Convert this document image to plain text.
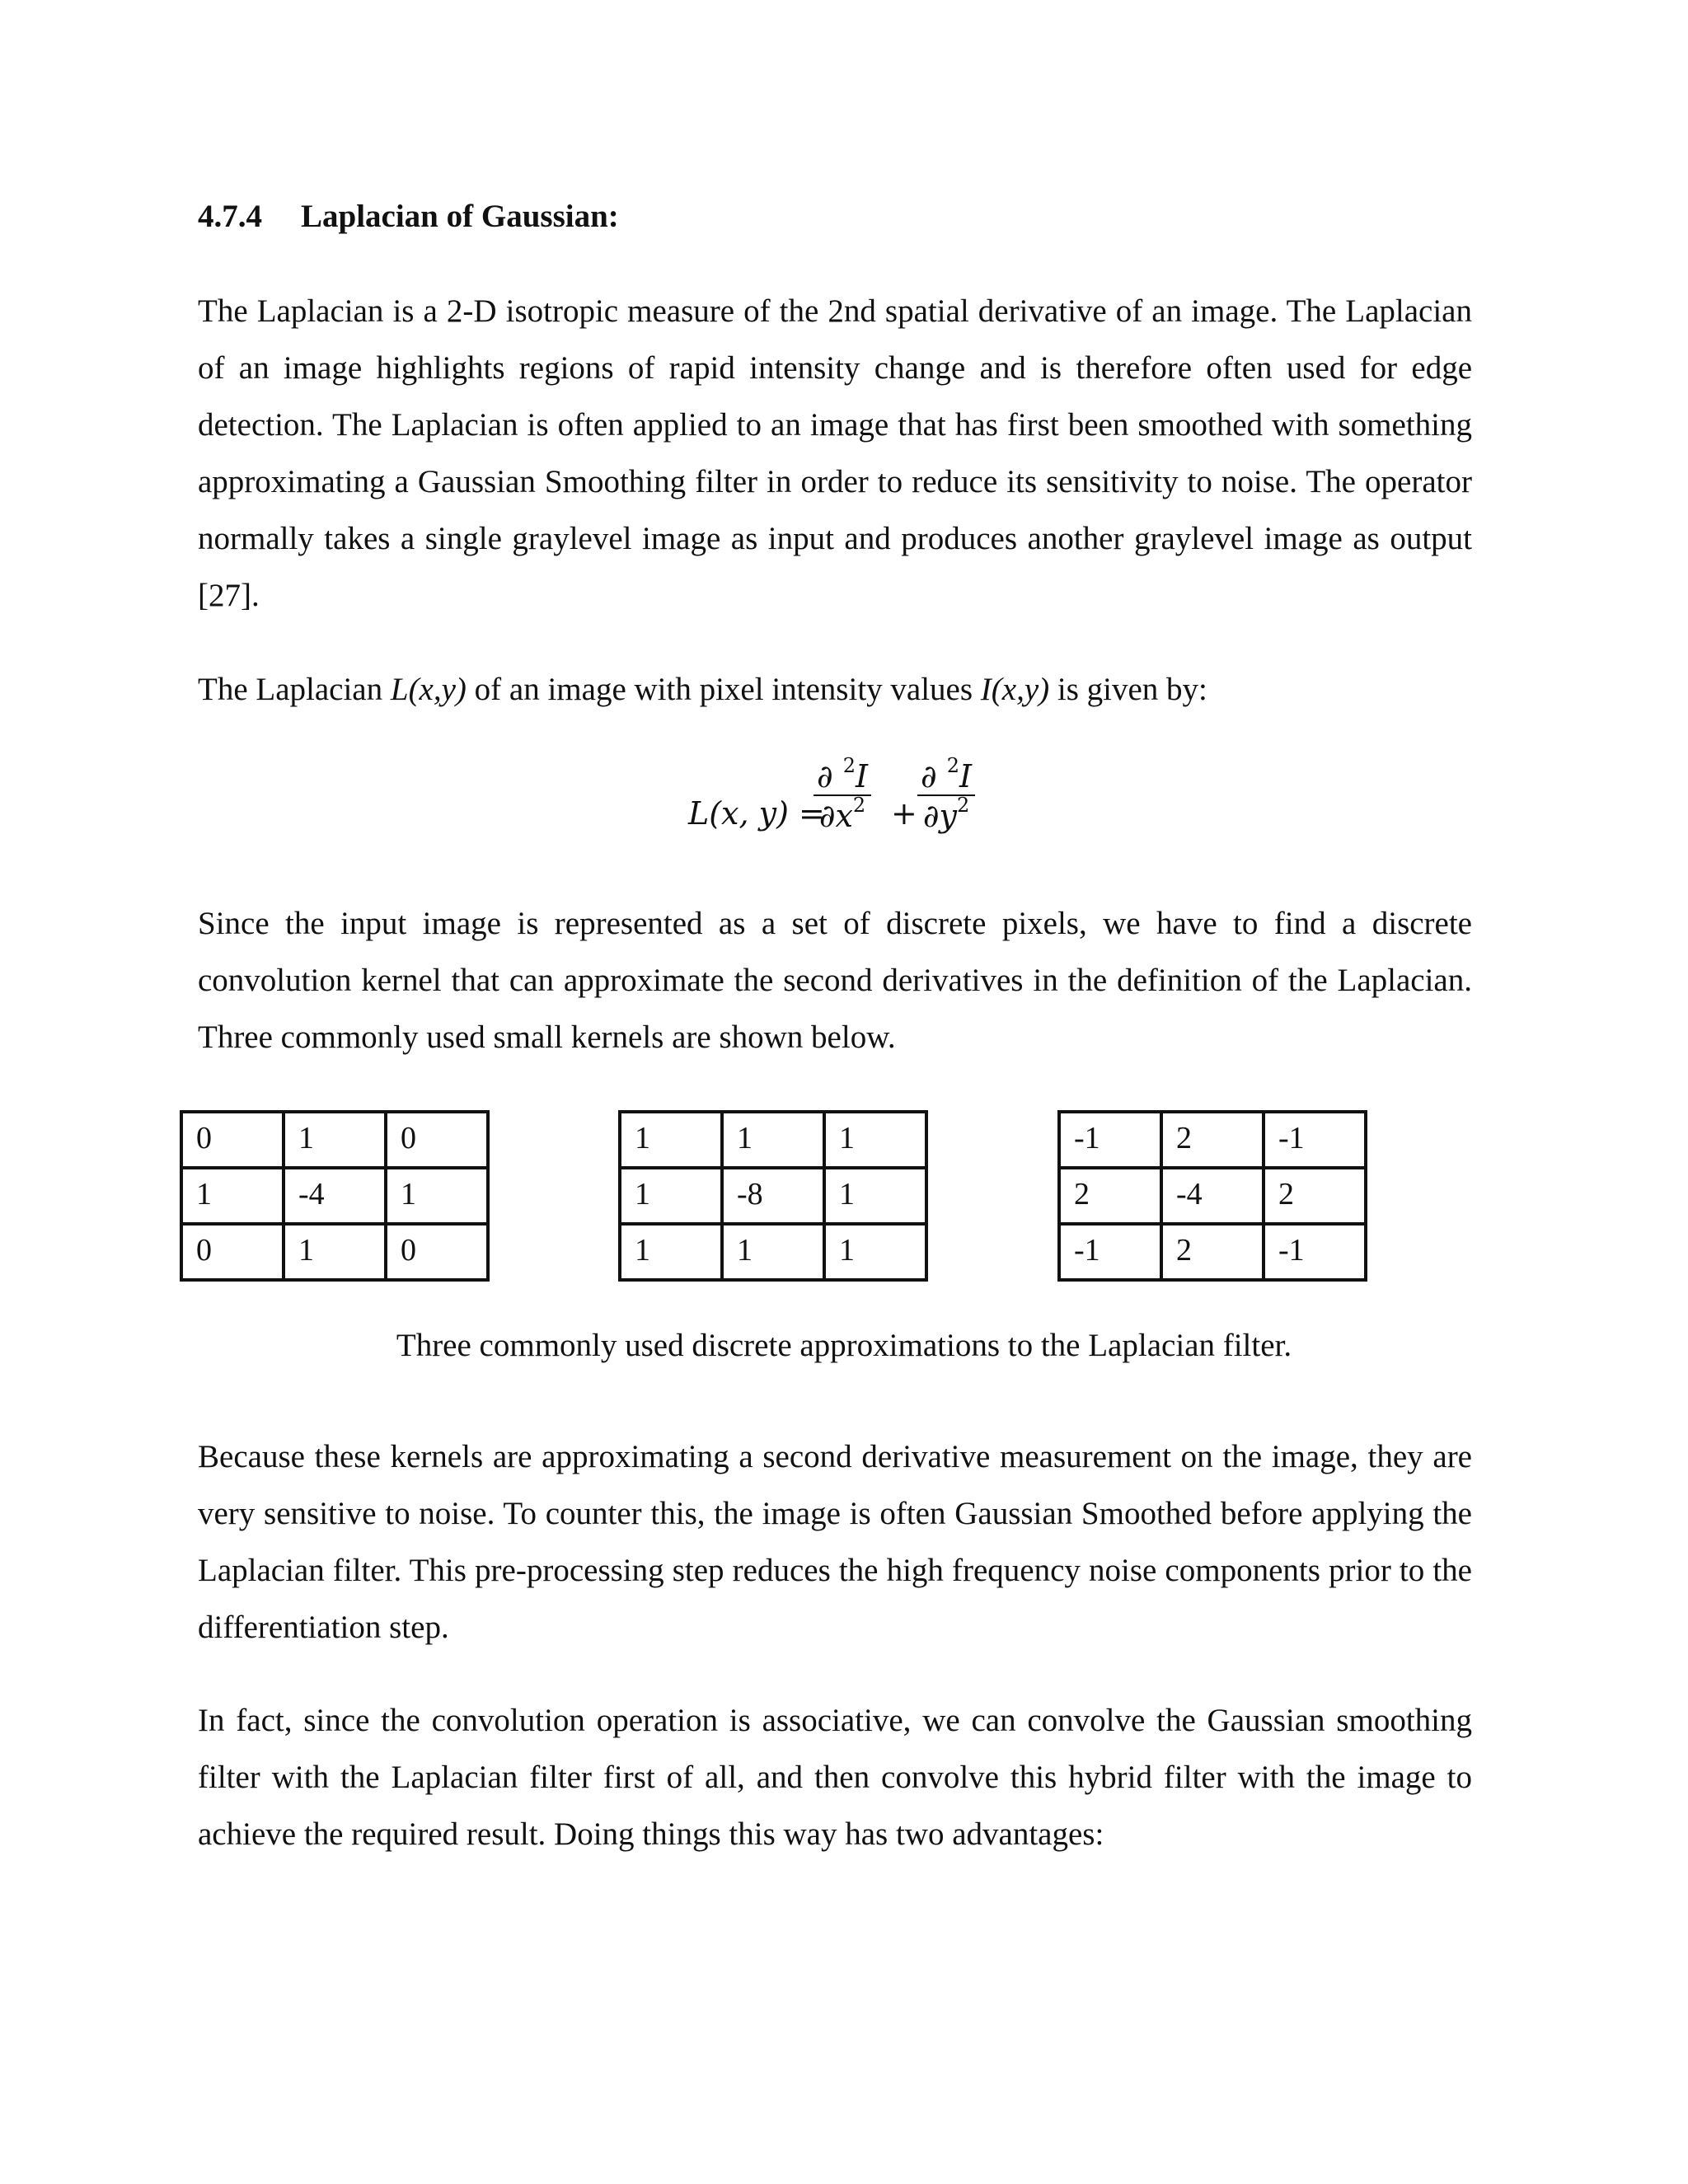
4.7.4 Laplacian of Gaussian:

The Laplacian is a 2-D isotropic measure of the 2nd spatial derivative of an image. The Laplacian of an image highlights regions of rapid intensity change and is therefore often used for edge detection. The Laplacian is often applied to an image that has first been smoothed with something approximating a Gaussian Smoothing filter in order to reduce its sensitivity to noise. The operator normally takes a single graylevel image as input and produces another graylevel image as output [27].

The Laplacian L(x,y) of an image with pixel intensity values I(x,y) is given by:

L(x, y) =
$\frac{\partial ^2I}{\partial x^2} + \frac{\partial ^2I}{\partial y^2}$

Since the input image is represented as a set of discrete pixels, we have to find a discrete convolution kernel that can approximate the second derivatives in the definition of the Laplacian. Three commonly used small kernels are shown below.

0	1	0
1	-4	1
0	1	0
1	1	1
1	-8	1
1	1	1
-1	2	-1
2	-4	2
-1	2	-1

Three commonly used discrete approximations to the Laplacian filter.

Because these kernels are approximating a second derivative measurement on the image, they are very sensitive to noise. To counter this, the image is often Gaussian Smoothed before applying the Laplacian filter. This pre-processing step reduces the high frequency noise components prior to the differentiation step.

In fact, since the convolution operation is associative, we can convolve the Gaussian smoothing filter with the Laplacian filter first of all, and then convolve this hybrid filter with the image to achieve the required result. Doing things this way has two advantages:
